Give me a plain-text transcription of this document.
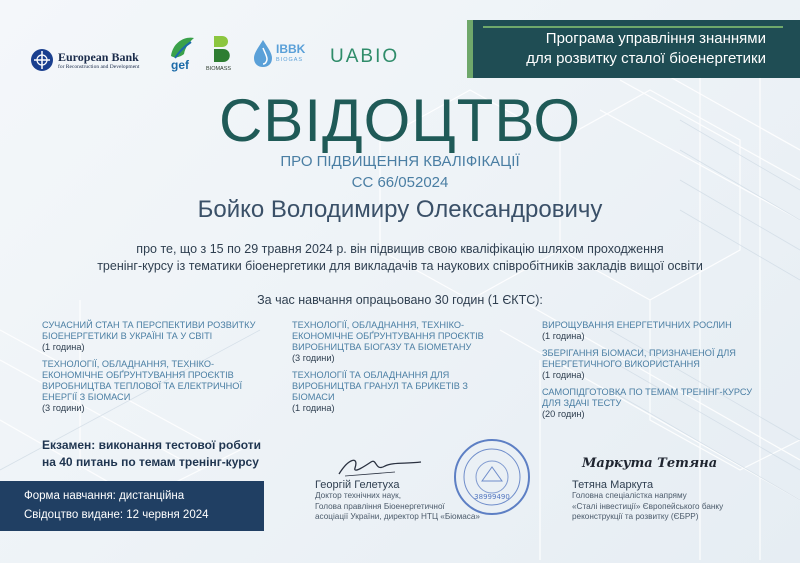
Програма управління знаннями
для розвитку сталої біоенергетики
European Bank
for Reconstruction and Development	gef	BIOMASS
IBBK
BIOGAS UABIO
СВІДОЦТВО
ПРО ПІДВИЩЕННЯ КВАЛІФІКАЦІЇ
СС 66/052024
Бойко Володимиру Олександровичу
про те, що з 15 по 29 травня 2024 р. він підвищив свою кваліфікацію шляхом проходження
тренінг-курсу із тематики біоенергетики для викладачів та наукових співробітників закладів вищої освіти
За час навчання опрацьовано 30 годин (1 ЄКТС):
СУЧАСНИЙ СТАН ТА ПЕРСПЕКТИВИ РОЗВИТКУ БІОЕНЕРГЕТИКИ В УКРАЇНІ ТА У СВІТІ
(1 година)
ТЕХНОЛОГІЇ, ОБЛАДНАННЯ, ТЕХНІКО-ЕКОНОМІЧНЕ ОБҐРУНТУВАННЯ ПРОЄКТІВ ВИРОБНИЦТВА ТЕПЛОВОЇ ТА ЕЛЕКТРИЧНОЇ ЕНЕРГІЇ З БІОМАСИ
(3 години)
ТЕХНОЛОГІЇ, ОБЛАДНАННЯ, ТЕХНІКО-ЕКОНОМІЧНЕ ОБҐРУНТУВАННЯ ПРОЄКТІВ ВИРОБНИЦТВА БІОГАЗУ ТА БІОМЕТАНУ
(3 години)
ТЕХНОЛОГІЇ ТА ОБЛАДНАННЯ ДЛЯ ВИРОБНИЦТВА ГРАНУЛ ТА БРИКЕТІВ З БІОМАСИ
(1 година)
ВИРОЩУВАННЯ ЕНЕРГЕТИЧНИХ РОСЛИН
(1 година)
ЗБЕРІГАННЯ БІОМАСИ, ПРИЗНАЧЕНОЇ ДЛЯ ЕНЕРГЕТИЧНОГО ВИКОРИСТАННЯ
(1 година)
САМОПІДГОТОВКА ПО ТЕМАМ ТРЕНІНГ-КУРСУ ДЛЯ ЗДАЧІ ТЕСТУ
(20 годин)
Екзамен: виконання тестової роботи
на 40 питань по темам тренінг-курсу
Форма навчання: дистанційна
Свідоцтво видане: 12 червня 2024
Георгій Гелетуха
Доктор технічних наук,
Голова правління Біоенергетичної
асоціації України, директор НТЦ «Біомаса»
38999490
Маркута Тетяна
Тетяна Маркута
Головна спеціалістка напряму
«Сталі інвестиції» Європейського банку
реконструкції та розвитку (ЄБРР)
